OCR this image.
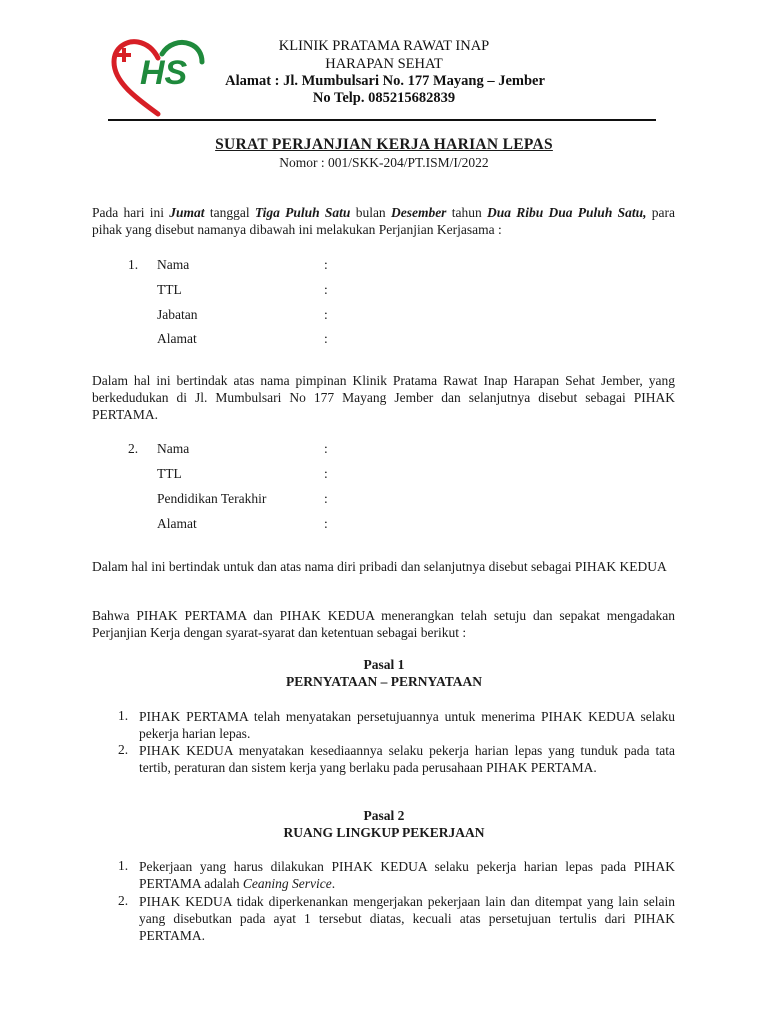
HS
KLINIK PRATAMA RAWAT INAP
HARAPAN SEHAT
Alamat : Jl. Mumbulsari No. 177 Mayang – Jember
No Telp. 085215682839
SURAT PERJANJIAN KERJA HARIAN LEPAS
Nomor : 001/SKK-204/PT.ISM/I/2022
Pada hari ini Jumat tanggal Tiga Puluh Satu bulan Desember tahun Dua Ribu Dua Puluh Satu, para pihak yang disebut namanya dibawah ini melakukan Perjanjian Kerjasama :
1. Nama	:
TTL	:
Jabatan	:
Alamat	:
Dalam hal ini bertindak atas nama pimpinan Klinik Pratama Rawat Inap Harapan Sehat Jember, yang berkedudukan di Jl. Mumbulsari No 177 Mayang Jember dan selanjutnya disebut sebagai PIHAK PERTAMA.
2. Nama	:
TTL	:
Pendidikan Terakhir	:
Alamat	:
Dalam hal ini bertindak untuk dan atas nama diri pribadi dan selanjutnya disebut sebagai PIHAK KEDUA
Bahwa PIHAK PERTAMA dan PIHAK KEDUA menerangkan telah setuju dan sepakat mengadakan Perjanjian Kerja dengan syarat-syarat dan ketentuan sebagai berikut :
Pasal 1
PERNYATAAN – PERNYATAAN
1. PIHAK PERTAMA telah menyatakan persetujuannya untuk menerima PIHAK KEDUA selaku pekerja harian lepas.
2. PIHAK KEDUA menyatakan kesediaannya selaku pekerja harian lepas yang tunduk pada tata tertib, peraturan dan sistem kerja yang berlaku pada perusahaan PIHAK PERTAMA.
Pasal 2
RUANG LINGKUP PEKERJAAN
1. Pekerjaan yang harus dilakukan PIHAK KEDUA selaku pekerja harian lepas pada PIHAK PERTAMA adalah Ceaning Service.
2. PIHAK KEDUA tidak diperkenankan mengerjakan pekerjaan lain dan ditempat yang lain selain yang disebutkan pada ayat 1 tersebut diatas, kecuali atas persetujuan tertulis dari PIHAK PERTAMA.
